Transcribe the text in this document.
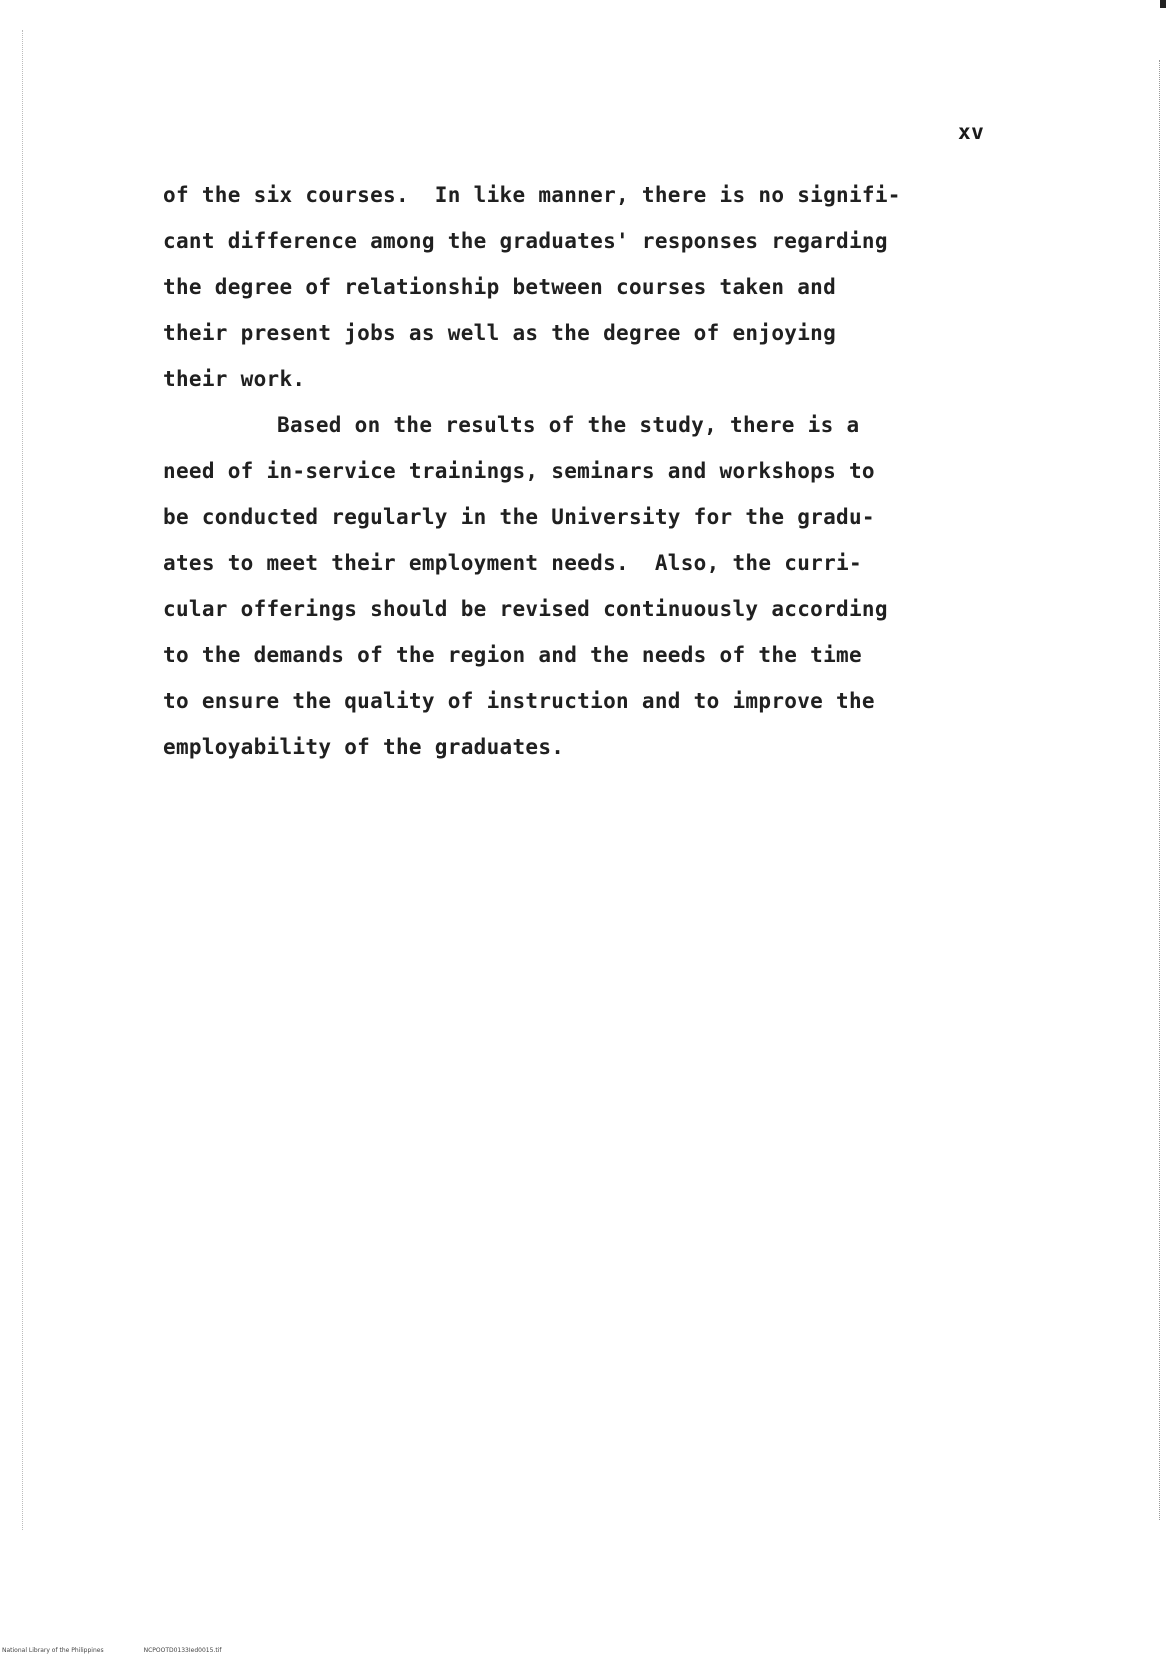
xv
of the six courses.  In like manner, there is no signifi-
cant difference among the graduates' responses regarding
the degree of relationship between courses taken and
their present jobs as well as the degree of enjoying
their work.
Based on the results of the study, there is a
need of in-service trainings, seminars and workshops to
be conducted regularly in the University for the gradu-
ates to meet their employment needs.  Also, the curri-
cular offerings should be revised continuously according
to the demands of the region and the needs of the time
to ensure the quality of instruction and to improve the
employability of the graduates.
National Library of the Philippines	NCPOOTD0133Ied0015.tif
